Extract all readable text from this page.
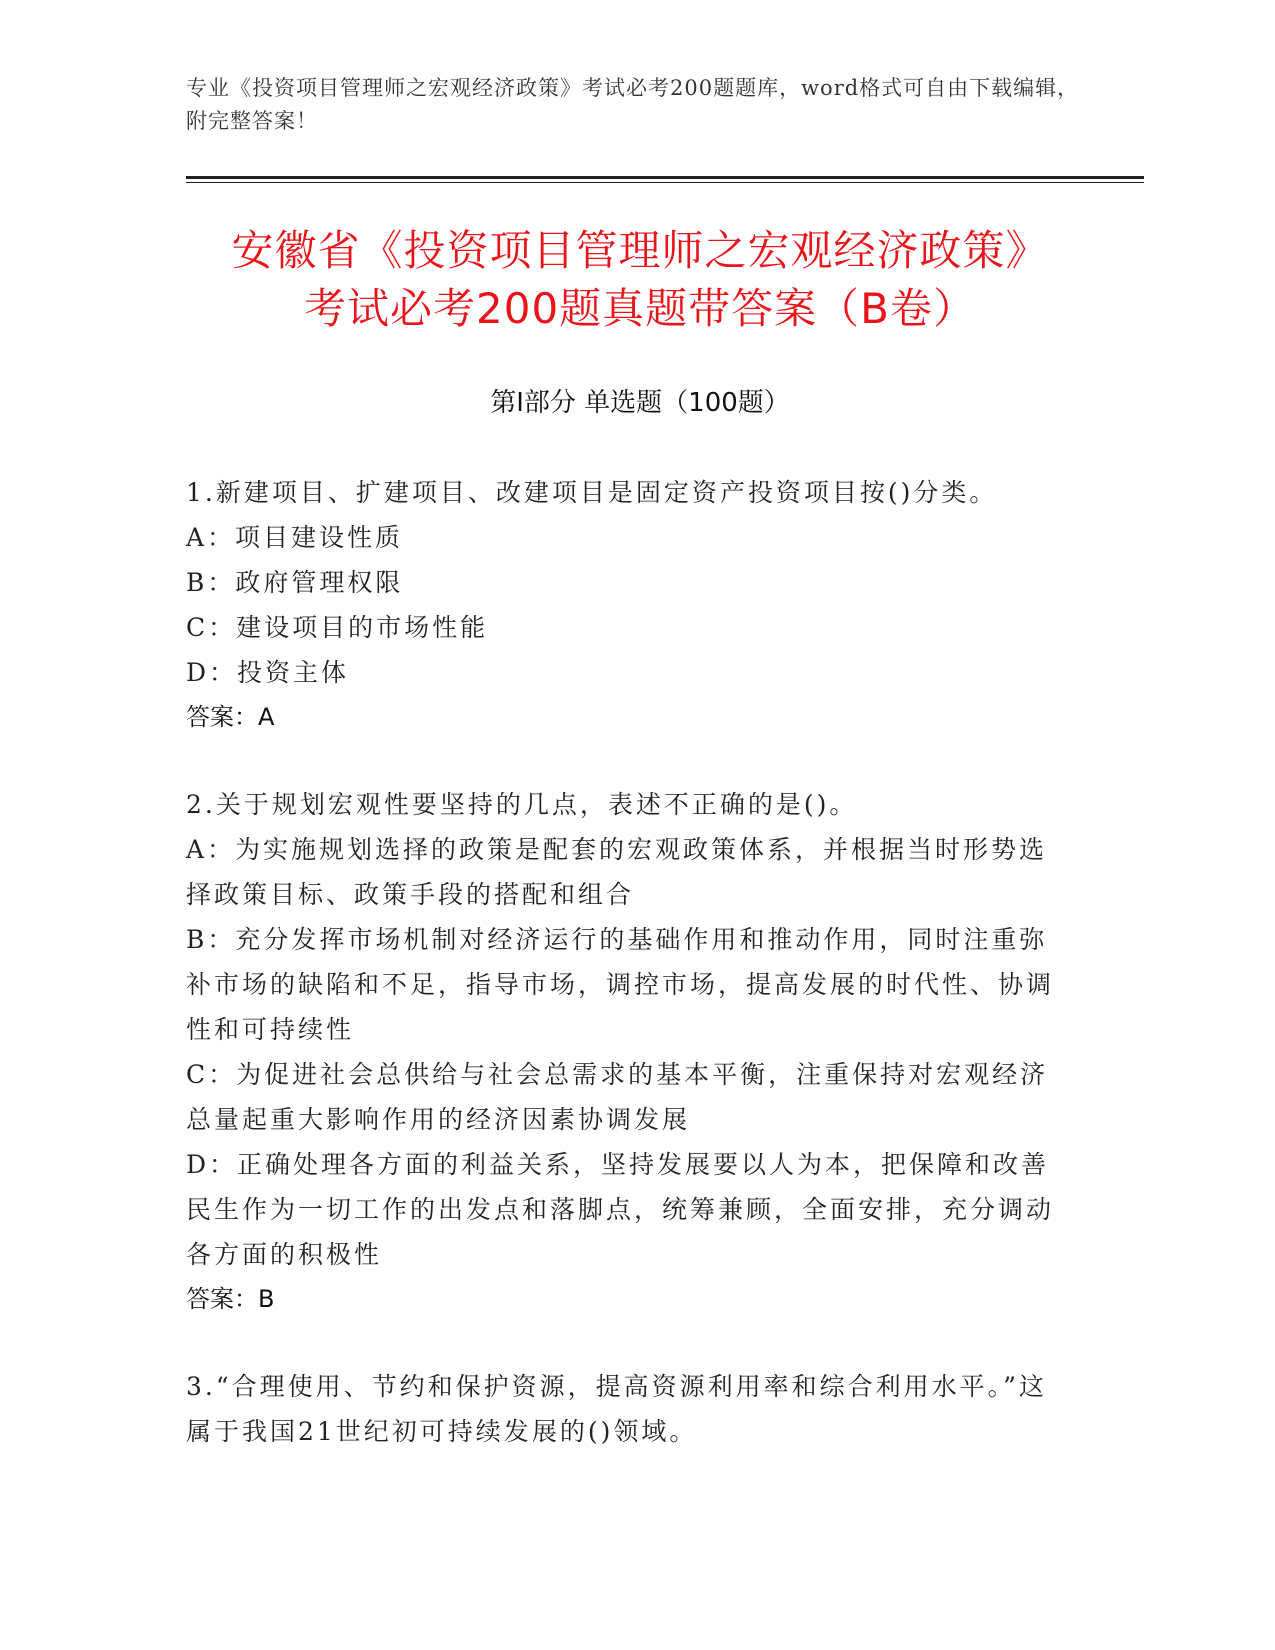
专业《投资项目管理师之宏观经济政策》考试必考200题题库，word格式可自由下载编辑，附完整答案！
安徽省《投资项目管理师之宏观经济政策》
考试必考200题真题带答案（B卷）
第I部分 单选题（100题）
1.新建项目、扩建项目、改建项目是固定资产投资项目按()分类。
A：项目建设性质
B：政府管理权限
C：建设项目的市场性能
D：投资主体
答案：A
2.关于规划宏观性要坚持的几点，表述不正确的是()。
A：为实施规划选择的政策是配套的宏观政策体系，并根据当时形势选择政策目标、政策手段的搭配和组合
B：充分发挥市场机制对经济运行的基础作用和推动作用，同时注重弥补市场的缺陷和不足，指导市场，调控市场，提高发展的时代性、协调性和可持续性
C：为促进社会总供给与社会总需求的基本平衡，注重保持对宏观经济总量起重大影响作用的经济因素协调发展
D：正确处理各方面的利益关系，坚持发展要以人为本，把保障和改善民生作为一切工作的出发点和落脚点，统筹兼顾，全面安排，充分调动各方面的积极性
答案：B
3.“合理使用、节约和保护资源，提高资源利用率和综合利用水平。”这属于我国21世纪初可持续发展的()领域。
